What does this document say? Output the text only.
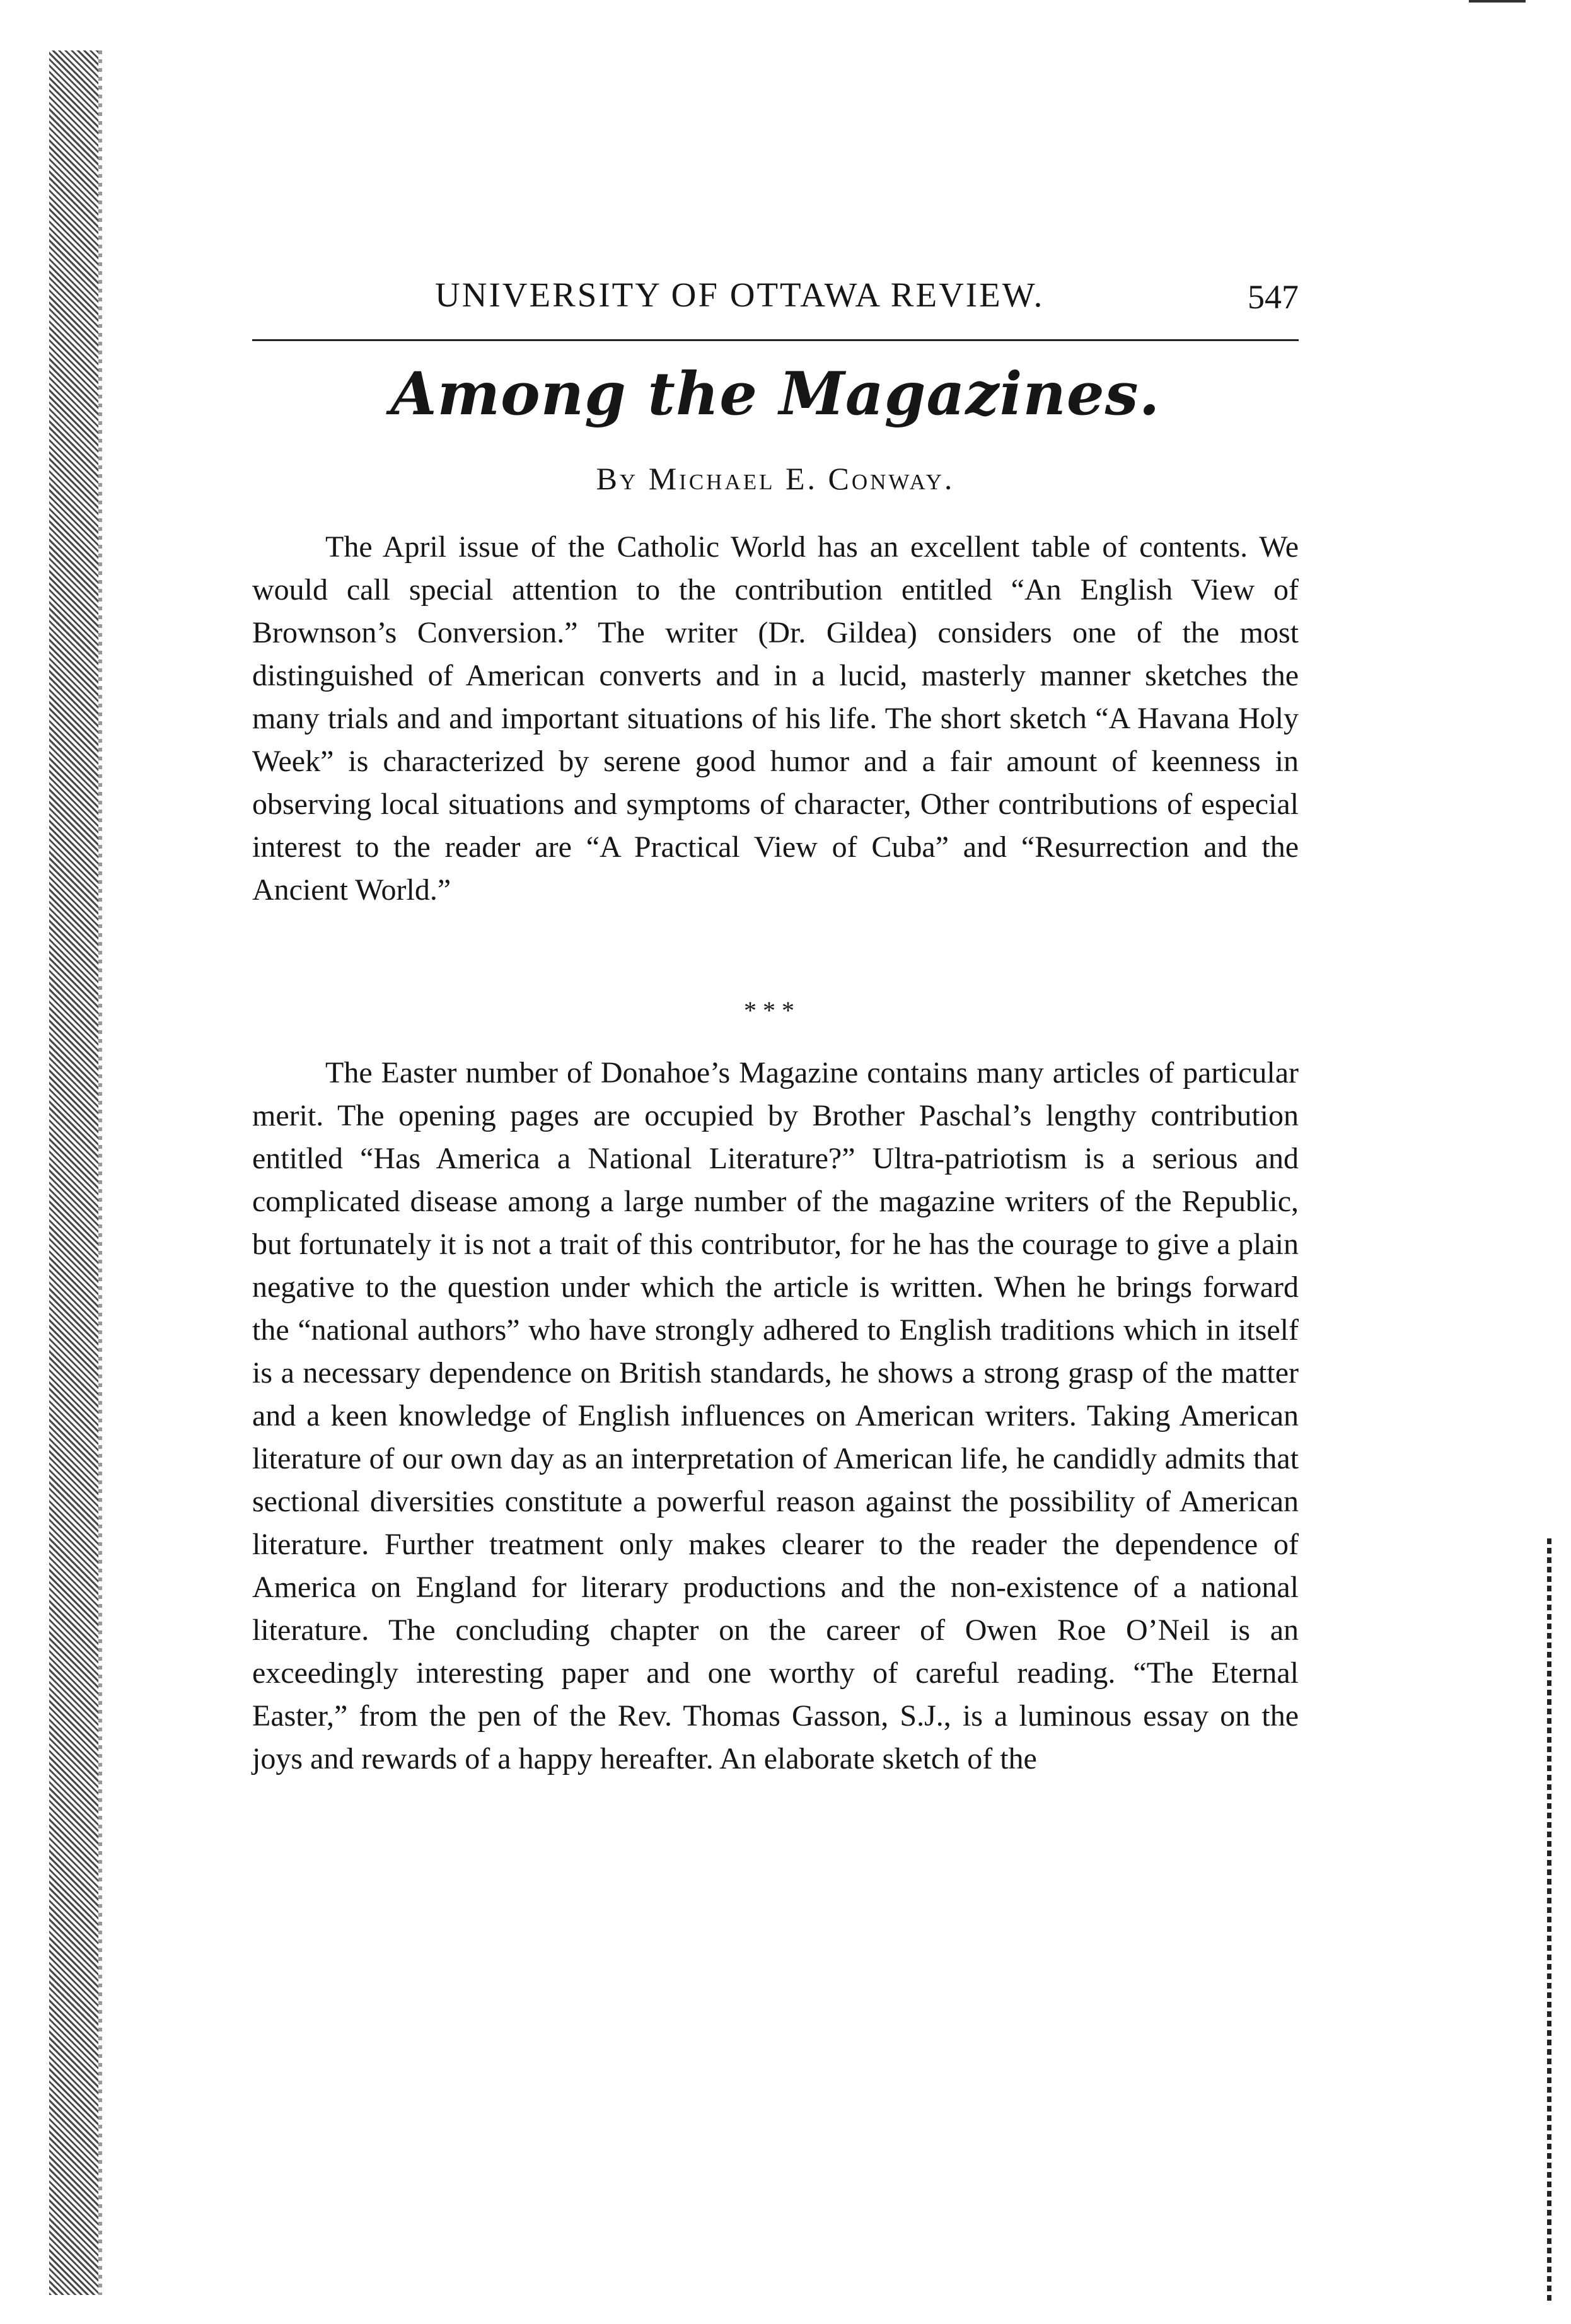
UNIVERSITY OF OTTAWA REVIEW.	547
Among the Magazines.
By Michael E. Conway.

The April issue of the Catholic World has an excellent table of contents. We would call special attention to the contribution entitled “An English View of Brownson’s Conversion.” The writer (Dr. Gildea) considers one of the most distinguished of American converts and in a lucid, masterly manner sketches the many trials and and important situations of his life. The short sketch “A Havana Holy Week” is characterized by serene good humor and a fair amount of keenness in observing local situations and symptoms of character, Other contributions of especial interest to the reader are “A Practical View of Cuba” and “Resurrection and the Ancient World.”

* * *

The Easter number of Donahoe’s Magazine contains many articles of particular merit. The opening pages are occupied by Brother Paschal’s lengthy contribution entitled “Has America a National Literature?” Ultra-patriotism is a serious and complicated disease among a large number of the magazine writers of the Republic, but fortunately it is not a trait of this contributor, for he has the courage to give a plain negative to the question under which the article is written. When he brings forward the “national authors” who have strongly adhered to English traditions which in itself is a necessary dependence on British standards, he shows a strong grasp of the matter and a keen knowledge of English influences on American writers. Taking American literature of our own day as an interpretation of American life, he candidly admits that sectional diversities constitute a powerful reason against the possibility of American literature. Further treatment only makes clearer to the reader the dependence of America on England for literary productions and the non-existence of a national literature. The concluding chapter on the career of Owen Roe O’Neil is an exceedingly interesting paper and one worthy of careful reading. “The Eternal Easter,” from the pen of the Rev. Thomas Gasson, S.J., is a luminous essay on the joys and rewards of a happy hereafter. An elaborate sketch of the
